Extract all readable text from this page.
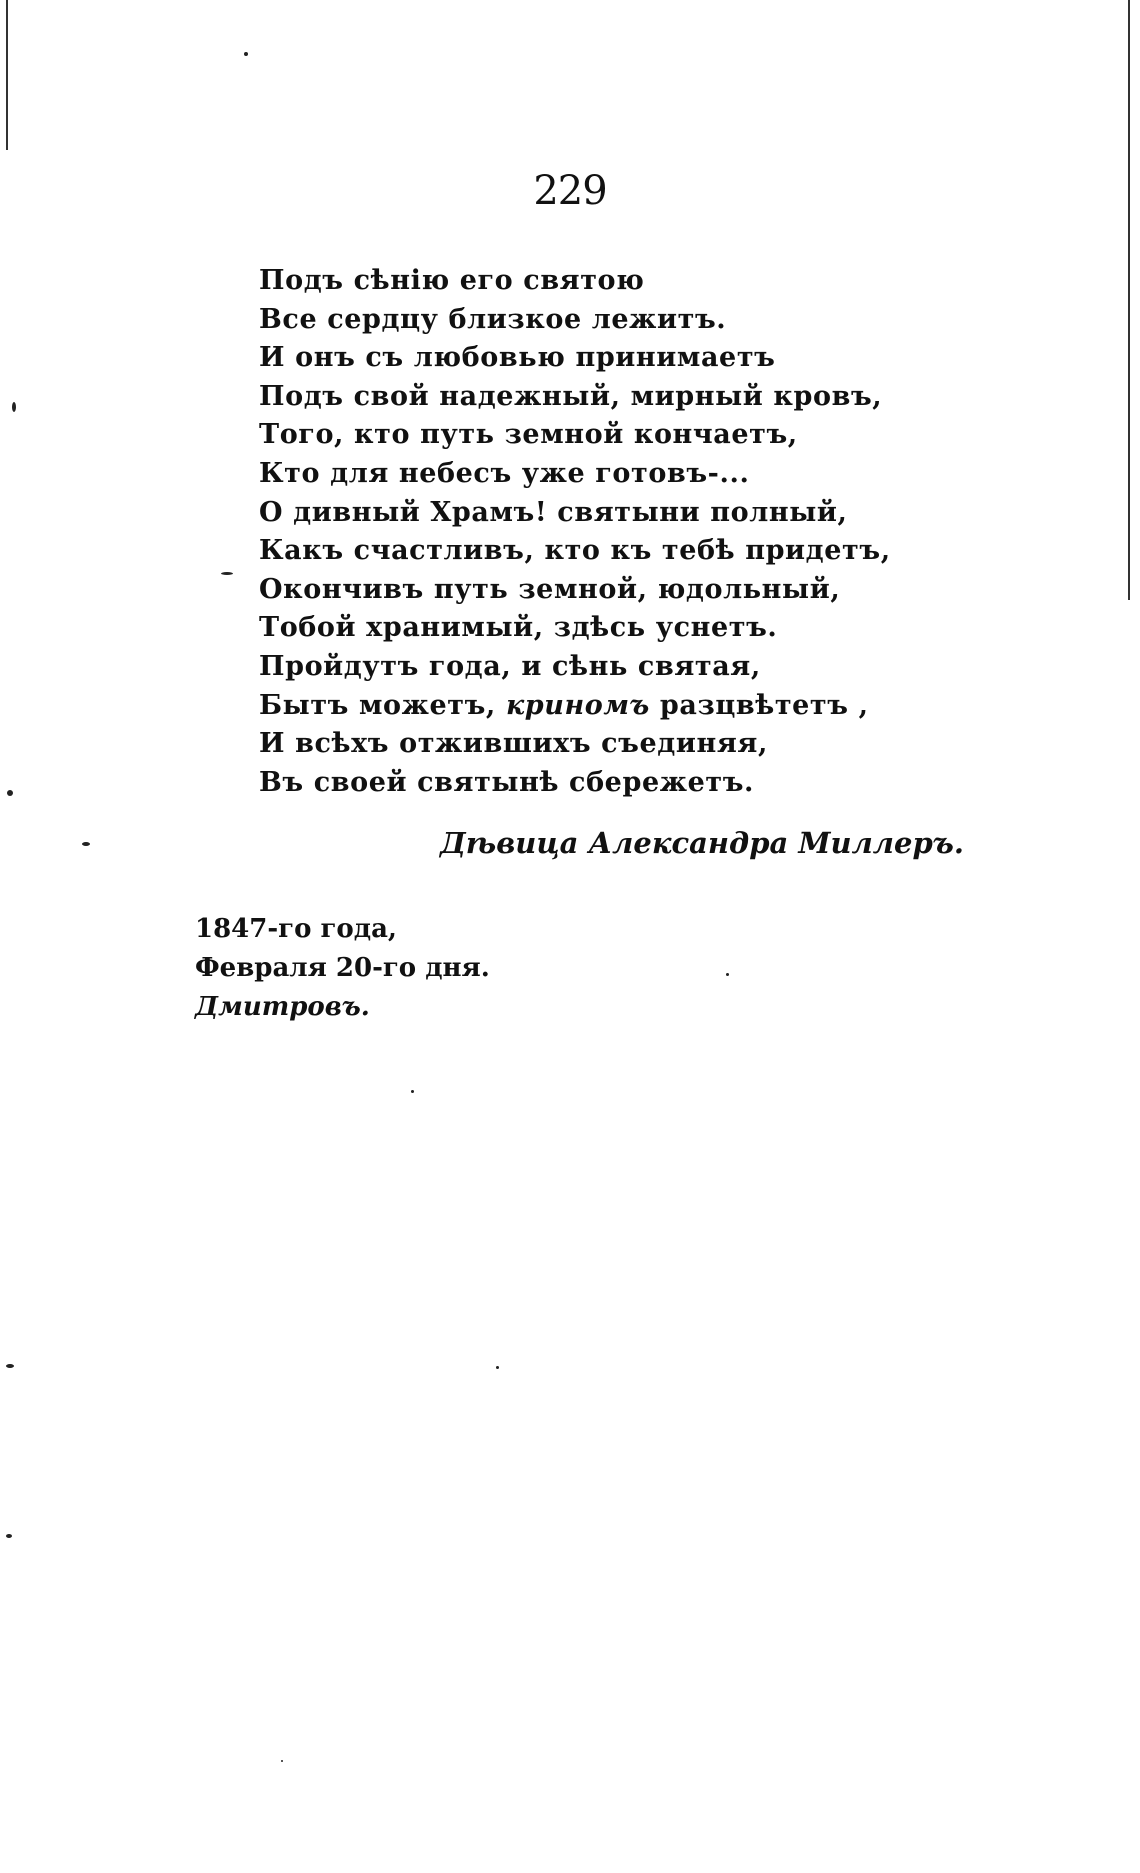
229
Подъ сѣнію его святою
Все сердцу близкое лежитъ.
И онъ съ любовью принимаетъ
Подъ свой надежный, мирный кровъ,
Того, кто путь земной кончаетъ,
Кто для небесъ уже готовъ-...
О дивный Храмъ! святыни полный,
Какъ счастливъ, кто къ тебѣ придетъ,
Окончивъ путь земной, юдольный,
Тобой хранимый, здѣсь уснетъ.
Пройдутъ года, и сѣнь святая,
Бытъ можетъ, криномъ разцвѣтетъ ,
И всѣхъ отжившихъ съединяя,
Въ своей святынѣ сбережетъ.
Дѣвица Александра Миллеръ.
1847-го года,
Февраля 20-го дня.
Дмитровъ.
